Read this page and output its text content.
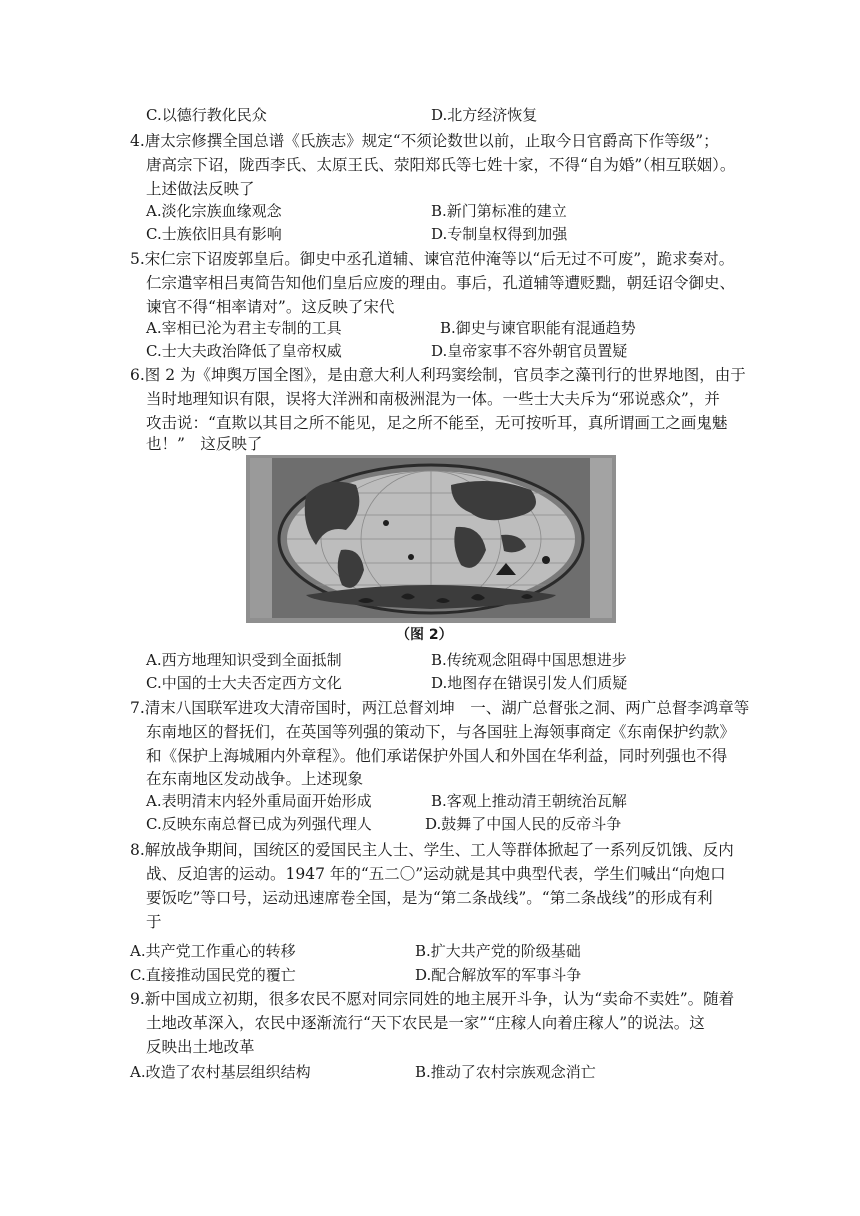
C.以德行教化民众	D.北方经济恢复
4.唐太宗修撰全国总谱《氏族志》规定“不须论数世以前，止取今日官爵高下作等级”；
唐高宗下诏，陇西李氏、太原王氏、荥阳郑氏等七姓十家，不得“自为婚”（相互联姻）。
上述做法反映了
A.淡化宗族血缘观念	B.新门第标准的建立
C.士族依旧具有影响	D.专制皇权得到加强
5.宋仁宗下诏废郭皇后。御史中丞孔道辅、谏官范仲淹等以“后无过不可废”，跪求奏对。
仁宗遣宰相吕夷简告知他们皇后应废的理由。事后，孔道辅等遭贬黜，朝廷诏令御史、
谏官不得“相率请对”。这反映了宋代
A.宰相已沦为君主专制的工具	B.御史与谏官职能有混通趋势
C.士大夫政治降低了皇帝权威	D.皇帝家事不容外朝官员置疑
6.图 2 为《坤舆万国全图》，是由意大利人利玛窦绘制，官员李之藻刊行的世界地图，由于
当时地理知识有限，误将大洋洲和南极洲混为一体。一些士大夫斥为“邪说惑众”，并
攻击说：“直欺以其目之所不能见，足之所不能至，无可按听耳，真所谓画工之画鬼魅
也！”　这反映了
（图 2）
A.西方地理知识受到全面抵制	B.传统观念阻碍中国思想进步
C.中国的士大夫否定西方文化	D.地图存在错误引发人们质疑
7.清末八国联军进攻大清帝国时，两江总督刘坤　一、湖广总督张之洞、两广总督李鸿章等
东南地区的督抚们，在英国等列强的策动下，与各国驻上海领事商定《东南保护约款》
和《保护上海城厢内外章程》。他们承诺保护外国人和外国在华利益，同时列强也不得
在东南地区发动战争。上述现象
A.表明清末内轻外重局面开始形成	B.客观上推动清王朝统治瓦解
C.反映东南总督已成为列强代理人	D.鼓舞了中国人民的反帝斗争
8.解放战争期间，国统区的爱国民主人士、学生、工人等群体掀起了一系列反饥饿、反内
战、反迫害的运动。1947 年的“五二〇”运动就是其中典型代表，学生们喊出“向炮口
要饭吃”等口号，运动迅速席卷全国，是为“第二条战线”。“第二条战线”的形成有利
于
A.共产党工作重心的转移	B.扩大共产党的阶级基础
C.直接推动国民党的覆亡	D.配合解放军的军事斗争
9.新中国成立初期，很多农民不愿对同宗同姓的地主展开斗争，认为“卖命不卖姓”。随着
土地改革深入，农民中逐渐流行“天下农民是一家”“庄稼人向着庄稼人”的说法。这
反映出土地改革
A.改造了农村基层组织结构	B.推动了农村宗族观念消亡
